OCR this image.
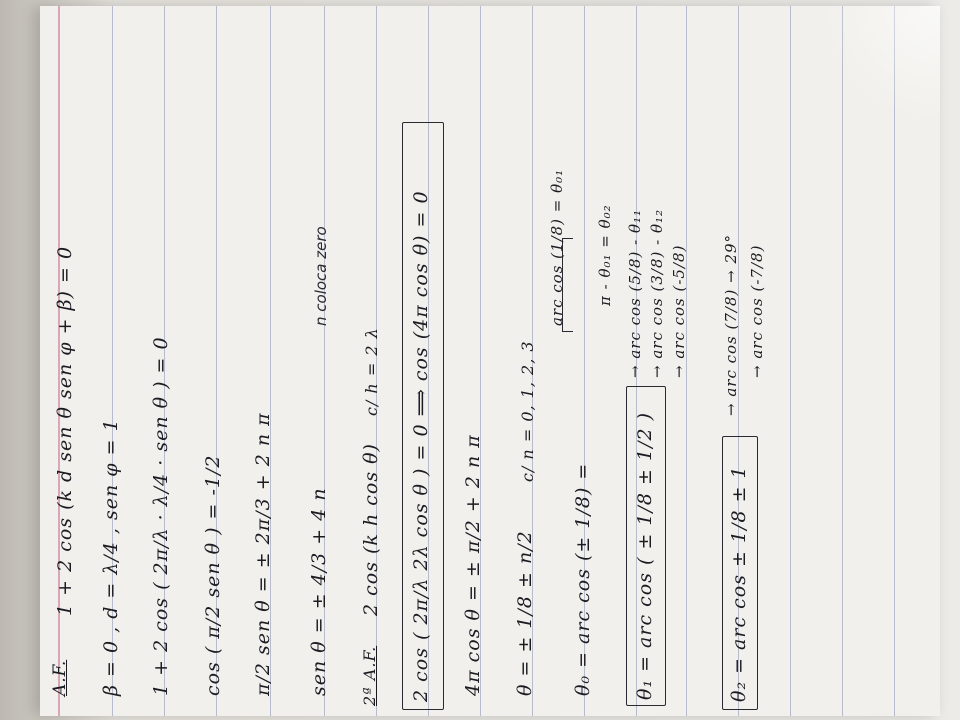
A.F.
1 + 2 cos (k d sen θ sen φ + β) = 0 β = 0 , d = λ/4 , sen φ = 1 1 + 2 cos ( 2π/λ · λ/4 · sen θ ) = 0 cos ( π/2 sen θ ) = -1/2 π/2 sen θ = ± 2π/3 + 2 n π sen θ = ± 4/3 + 4 n
n coloca zero
2ª A.F.
2 cos (k h cos θ)
c/ h = 2 λ 2 cos ( 2π/λ 2λ cos θ ) = 0 ⟹ cos (4π cos θ) = 0 4π cos θ = ± π/2 + 2 n π θ = ± 1/8 ± n/2
c/ n = 0, 1, 2, 3
θ₀ = arc cos (± 1/8) =
arc cos (1/8) = θ₀₁ π - θ₀₁ = θ₀₂
θ₁ = arc cos ( ± 1/8 ± 1/2 )
→ arc cos (5/8) - θ₁₁ → arc cos (3/8) - θ₁₂ → arc cos (-5/8)
θ₂ = arc cos ± 1/8 ± 1
→ arc cos (7/8) → 29° → arc cos (-7/8)
